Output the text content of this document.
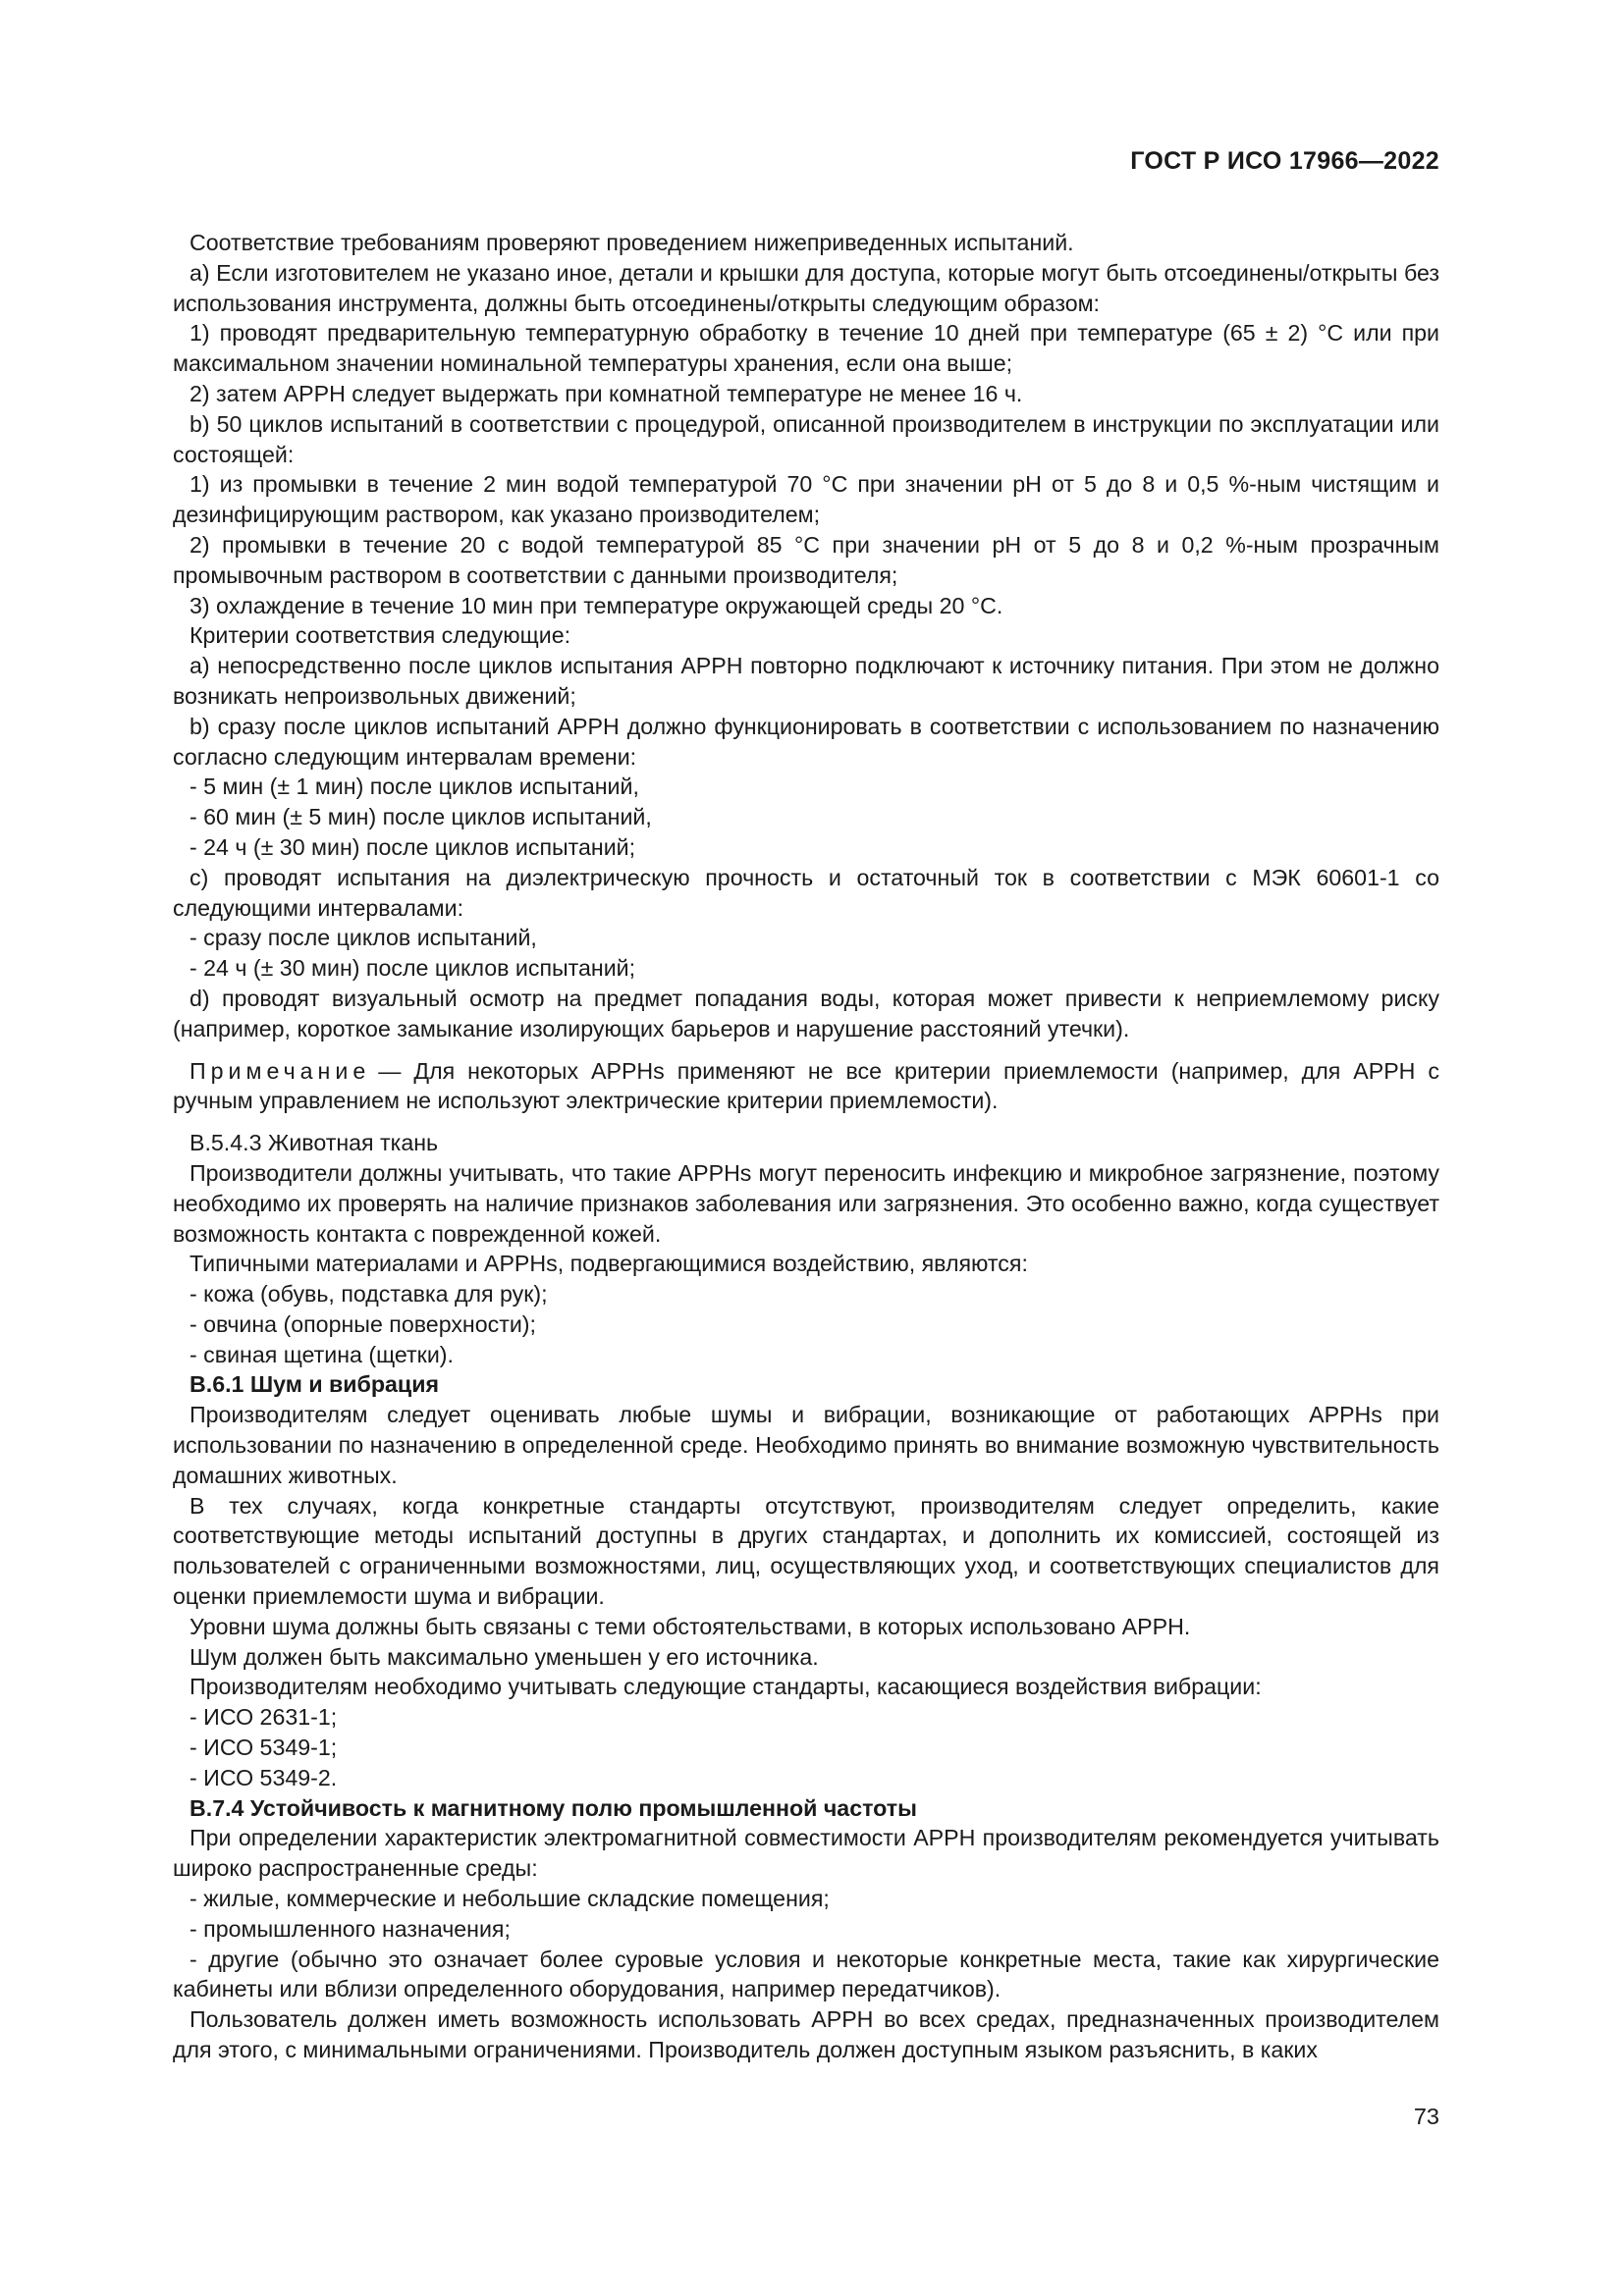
ГОСТ Р ИСО 17966—2022

Соответствие требованиям проверяют проведением нижеприведенных испытаний.

а) Если изготовителем не указано иное, детали и крышки для доступа, которые могут быть отсоединены/открыты без использования инструмента, должны быть отсоединены/открыты следующим образом:

1) проводят предварительную температурную обработку в течение 10 дней при температуре (65 ± 2) °С или при максимальном значении номинальной температуры хранения, если она выше;

2) затем APPH следует выдержать при комнатной температуре не менее 16 ч.

b) 50 циклов испытаний в соответствии с процедурой, описанной производителем в инструкции по эксплуатации или состоящей:

1) из промывки в течение 2 мин водой температурой 70 °С при значении рН от 5 до 8 и 0,5 %-ным чистящим и дезинфицирующим раствором, как указано производителем;

2) промывки в течение 20 с водой температурой 85 °С при значении рН от 5 до 8 и 0,2 %-ным прозрачным промывочным раствором в соответствии с данными производителя;

3) охлаждение в течение 10 мин при температуре окружающей среды 20 °С.

Критерии соответствия следующие:

а) непосредственно после циклов испытания APPH повторно подключают к источнику питания. При этом не должно возникать непроизвольных движений;

b) сразу после циклов испытаний APPH должно функционировать в соответствии с использованием по назначению согласно следующим интервалам времени:

- 5 мин (± 1 мин) после циклов испытаний,

- 60 мин (± 5 мин) после циклов испытаний,

- 24 ч (± 30 мин) после циклов испытаний;

с) проводят испытания на диэлектрическую прочность и остаточный ток в соответствии с МЭК 60601-1 со следующими интервалами:

- сразу после циклов испытаний,

- 24 ч (± 30 мин) после циклов испытаний;

d) проводят визуальный осмотр на предмет попадания воды, которая может привести к неприемлемому риску (например, короткое замыкание изолирующих барьеров и нарушение расстояний утечки).

Примечание — Для некоторых APPHs применяют не все критерии приемлемости (например, для APPH с ручным управлением не используют электрические критерии приемлемости).

В.5.4.3 Животная ткань

Производители должны учитывать, что такие APPHs могут переносить инфекцию и микробное загрязнение, поэтому необходимо их проверять на наличие признаков заболевания или загрязнения. Это особенно важно, когда существует возможность контакта с поврежденной кожей.

Типичными материалами и APPHs, подвергающимися воздействию, являются:

- кожа (обувь, подставка для рук);

- овчина (опорные поверхности);

- свиная щетина (щетки).

В.6.1 Шум и вибрация

Производителям следует оценивать любые шумы и вибрации, возникающие от работающих APPHs при использовании по назначению в определенной среде. Необходимо принять во внимание возможную чувствительность домашних животных.

В тех случаях, когда конкретные стандарты отсутствуют, производителям следует определить, какие соответствующие методы испытаний доступны в других стандартах, и дополнить их комиссией, состоящей из пользователей с ограниченными возможностями, лиц, осуществляющих уход, и соответствующих специалистов для оценки приемлемости шума и вибрации.

Уровни шума должны быть связаны с теми обстоятельствами, в которых использовано APPH.

Шум должен быть максимально уменьшен у его источника.

Производителям необходимо учитывать следующие стандарты, касающиеся воздействия вибрации:

- ИСО 2631-1;

- ИСО 5349-1;

- ИСО 5349-2.

В.7.4 Устойчивость к магнитному полю промышленной частоты

При определении характеристик электромагнитной совместимости APPH производителям рекомендуется учитывать широко распространенные среды:

- жилые, коммерческие и небольшие складские помещения;

- промышленного назначения;

- другие (обычно это означает более суровые условия и некоторые конкретные места, такие как хирургические кабинеты или вблизи определенного оборудования, например передатчиков).

Пользователь должен иметь возможность использовать APPH во всех средах, предназначенных производителем для этого, с минимальными ограничениями. Производитель должен доступным языком разъяснить, в каких

73
